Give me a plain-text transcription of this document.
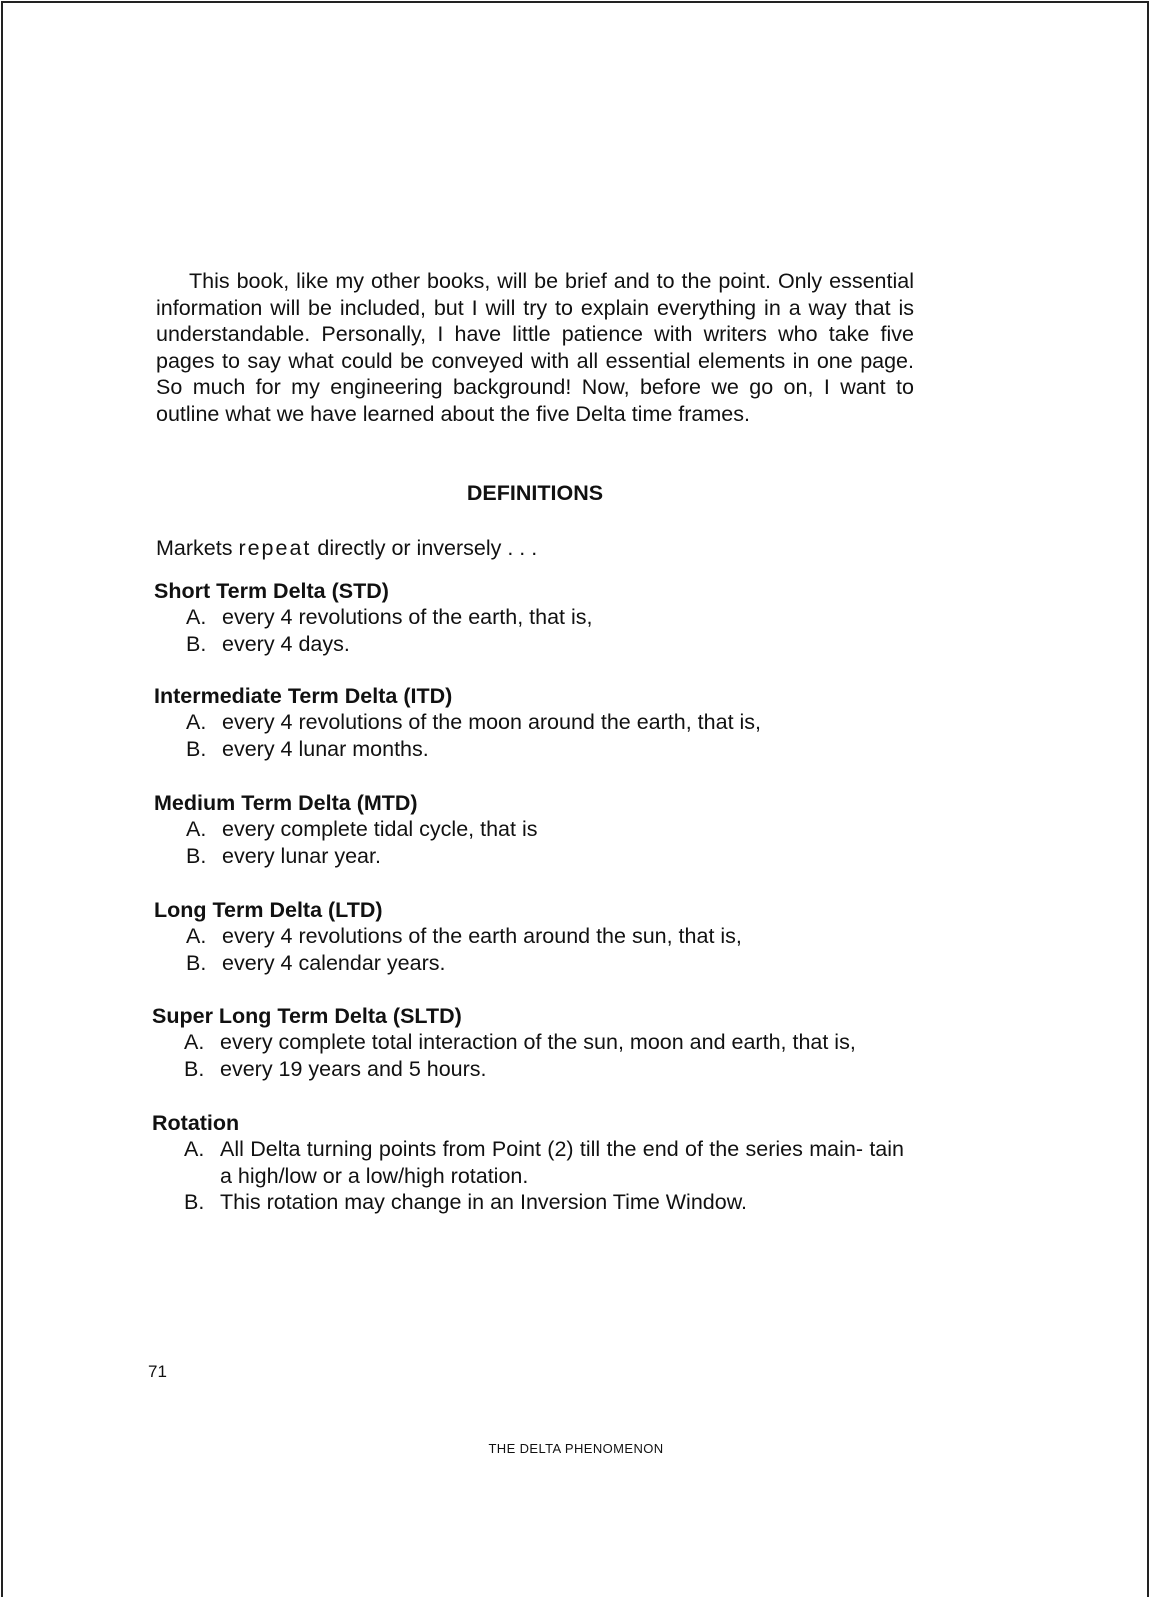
This book, like my other books, will be brief and to the point. Only essential information will be included, but I will try to explain everything in a way that is understandable. Personally, I have little patience with writers who take five pages to say what could be conveyed with all essential elements in one page. So much for my engineering background! Now, before we go on, I want to outline what we have learned about the five Delta time frames.

DEFINITIONS

Markets repeat directly or inversely . . .

Short Term Delta (STD)

A. every 4 revolutions of the earth, that is,

B. every 4 days.

Intermediate Term Delta (ITD)

A. every 4 revolutions of the moon around the earth, that is,

B. every 4 lunar months.

Medium Term Delta (MTD)

A. every complete tidal cycle, that is

B. every lunar year.

Long Term Delta (LTD)

A. every 4 revolutions of the earth around the sun, that is,

B. every 4 calendar years.

Super Long Term Delta (SLTD)

A. every complete total interaction of the sun, moon and earth, that is,

B. every 19 years and 5 hours.

Rotation

A. All Delta turning points from Point (2) till the end of the series main- tain a high/low or a low/high rotation.

B. This rotation may change in an Inversion Time Window.

71
THE DELTA PHENOMENON
